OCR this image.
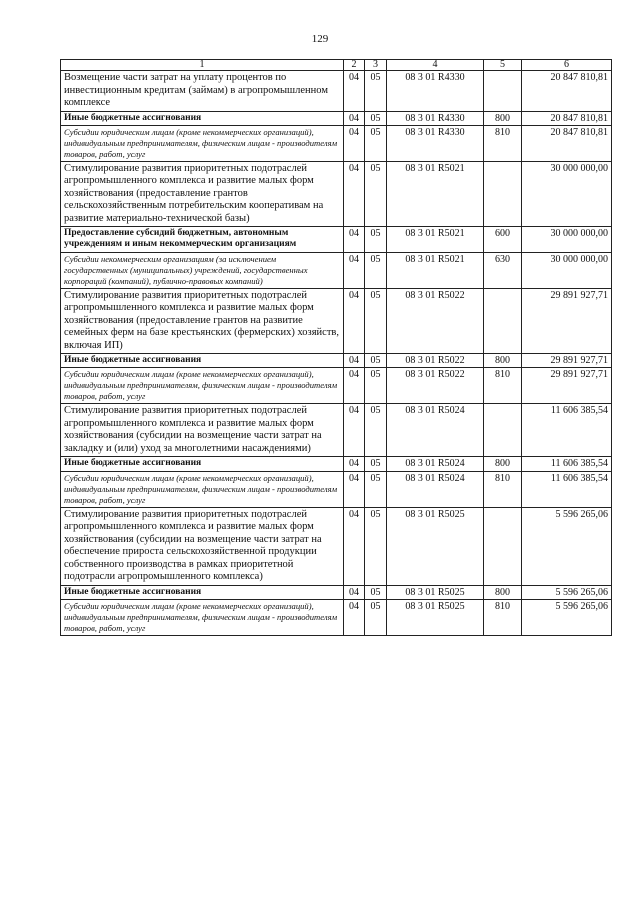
129
1	2	3	4	5	6
Возмещение части затрат на уплату процентов по инвестиционным кредитам (займам) в агропромышленном комплексе	04	05	08 3 01 R4330		20 847 810,81
Иные бюджетные ассигнования	04	05	08 3 01 R4330	800	20 847 810,81
Субсидии юридическим лицам (кроме некоммерческих организаций), индивидуальным предпринимателям, физическим лицам - производителям товаров, работ, услуг	04	05	08 3 01 R4330	810	20 847 810,81
Стимулирование развития приоритетных подотраслей агропромышленного комплекса и развитие малых форм хозяйствования (предоставление грантов сельскохозяйственным потребительским кооперативам на развитие материально-технической базы)	04	05	08 3 01 R5021		30 000 000,00
Предоставление субсидий бюджетным, автономным учреждениям и иным некоммерческим организациям	04	05	08 3 01 R5021	600	30 000 000,00
Субсидии некоммерческим организациям (за исключением государственных (муниципальных) учреждений, государственных корпораций (компаний), публично-правовых компаний)	04	05	08 3 01 R5021	630	30 000 000,00
Стимулирование развития приоритетных подотраслей агропромышленного комплекса и развитие малых форм хозяйствования (предоставление грантов на развитие семейных ферм на базе крестьянских (фермерских) хозяйств, включая ИП)	04	05	08 3 01 R5022		29 891 927,71
Иные бюджетные ассигнования	04	05	08 3 01 R5022	800	29 891 927,71
Субсидии юридическим лицам (кроме некоммерческих организаций), индивидуальным предпринимателям, физическим лицам - производителям товаров, работ, услуг	04	05	08 3 01 R5022	810	29 891 927,71
Стимулирование развития приоритетных подотраслей агропромышленного комплекса и развитие малых форм хозяйствования (субсидии на возмещение части затрат на закладку и (или) уход за многолетними насаждениями)	04	05	08 3 01 R5024		11 606 385,54
Иные бюджетные ассигнования	04	05	08 3 01 R5024	800	11 606 385,54
Субсидии юридическим лицам (кроме некоммерческих организаций), индивидуальным предпринимателям, физическим лицам - производителям товаров, работ, услуг	04	05	08 3 01 R5024	810	11 606 385,54
Стимулирование развития приоритетных подотраслей агропромышленного комплекса и развитие малых форм хозяйствования (субсидии на возмещение части затрат на обеспечение прироста сельскохозяйственной продукции собственного производства в рамках приоритетной подотрасли агропромышленного комплекса)	04	05	08 3 01 R5025		5 596 265,06
Иные бюджетные ассигнования	04	05	08 3 01 R5025	800	5 596 265,06
Субсидии юридическим лицам (кроме некоммерческих организаций), индивидуальным предпринимателям, физическим лицам - производителям товаров, работ, услуг	04	05	08 3 01 R5025	810	5 596 265,06
